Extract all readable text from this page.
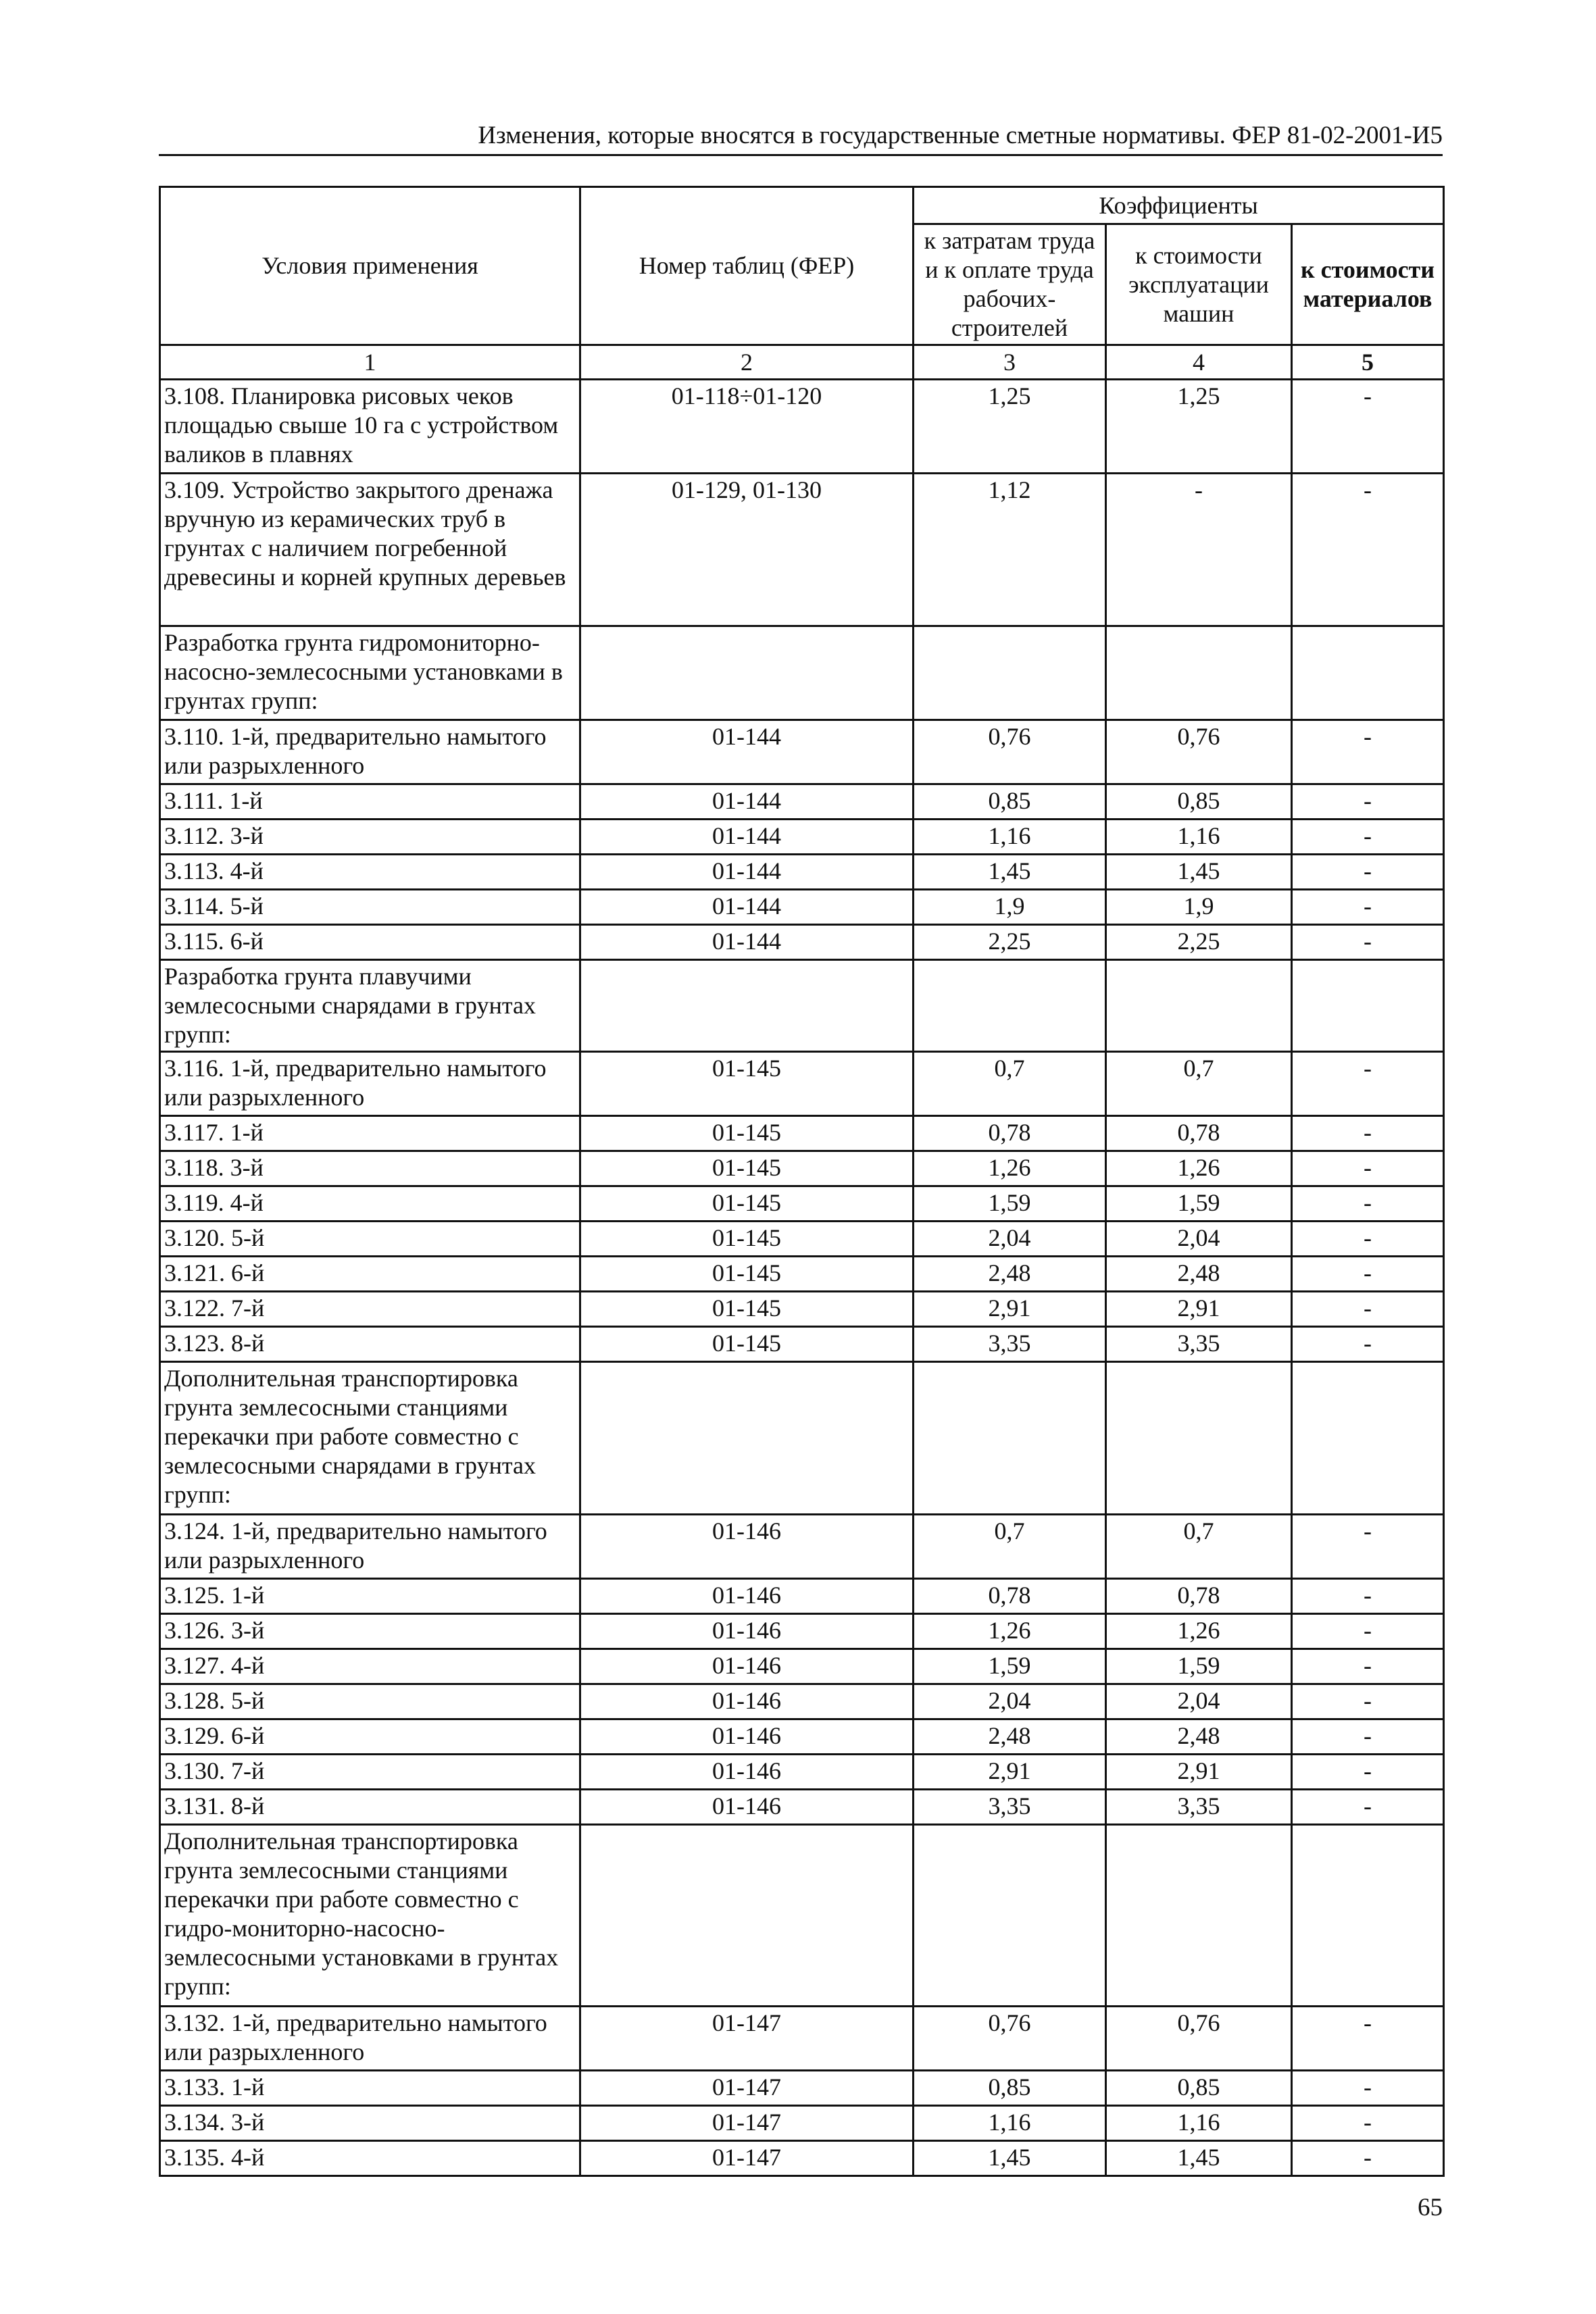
Изменения, которые вносятся в государственные сметные нормативы. ФЕР 81-02-2001-И5
Условия применения	Номер таблиц (ФЕР)	Коэффициенты		
		к затратам труда и к оплате труда рабочих-строителей	к стоимости эксплуатации машин	к стоимости материалов
1	2	3	4	5
3.108. Планировка рисовых чеков площадью свыше 10 га с устройством валиков в плавнях	01-118÷01-120	1,25	1,25	-
3.109. Устройство закрытого дренажа вручную из керамических труб в грунтах с наличием погребенной древесины и корней крупных деревьев	01-129, 01-130	1,12	-	-
Разработка грунта гидромониторно-насосно-землесосными установками в грунтах групп:				
3.110. 1-й, предварительно намытого или разрыхленного	01-144	0,76	0,76	-
3.111. 1-й	01-144	0,85	0,85	-
3.112. 3-й	01-144	1,16	1,16	-
3.113. 4-й	01-144	1,45	1,45	-
3.114. 5-й	01-144	1,9	1,9	-
3.115. 6-й	01-144	2,25	2,25	-
Разработка грунта плавучими землесосными снарядами в грунтах групп:				
3.116. 1-й, предварительно намытого или разрыхленного	01-145	0,7	0,7	-
3.117. 1-й	01-145	0,78	0,78	-
3.118. 3-й	01-145	1,26	1,26	-
3.119. 4-й	01-145	1,59	1,59	-
3.120. 5-й	01-145	2,04	2,04	-
3.121. 6-й	01-145	2,48	2,48	-
3.122. 7-й	01-145	2,91	2,91	-
3.123. 8-й	01-145	3,35	3,35	-
Дополнительная транспортировка грунта землесосными станциями перекачки при работе совместно с землесосными снарядами в грунтах групп:				
3.124. 1-й, предварительно намытого или разрыхленного	01-146	0,7	0,7	-
3.125. 1-й	01-146	0,78	0,78	-
3.126. 3-й	01-146	1,26	1,26	-
3.127. 4-й	01-146	1,59	1,59	-
3.128. 5-й	01-146	2,04	2,04	-
3.129. 6-й	01-146	2,48	2,48	-
3.130. 7-й	01-146	2,91	2,91	-
3.131. 8-й	01-146	3,35	3,35	-
Дополнительная транспортировка грунта землесосными станциями перекачки при работе совместно с гидро-мониторно-насосно-землесосными установками в грунтах групп:				
3.132. 1-й, предварительно намытого или разрыхленного	01-147	0,76	0,76	-
3.133. 1-й	01-147	0,85	0,85	-
3.134. 3-й	01-147	1,16	1,16	-
3.135. 4-й	01-147	1,45	1,45	-
65
